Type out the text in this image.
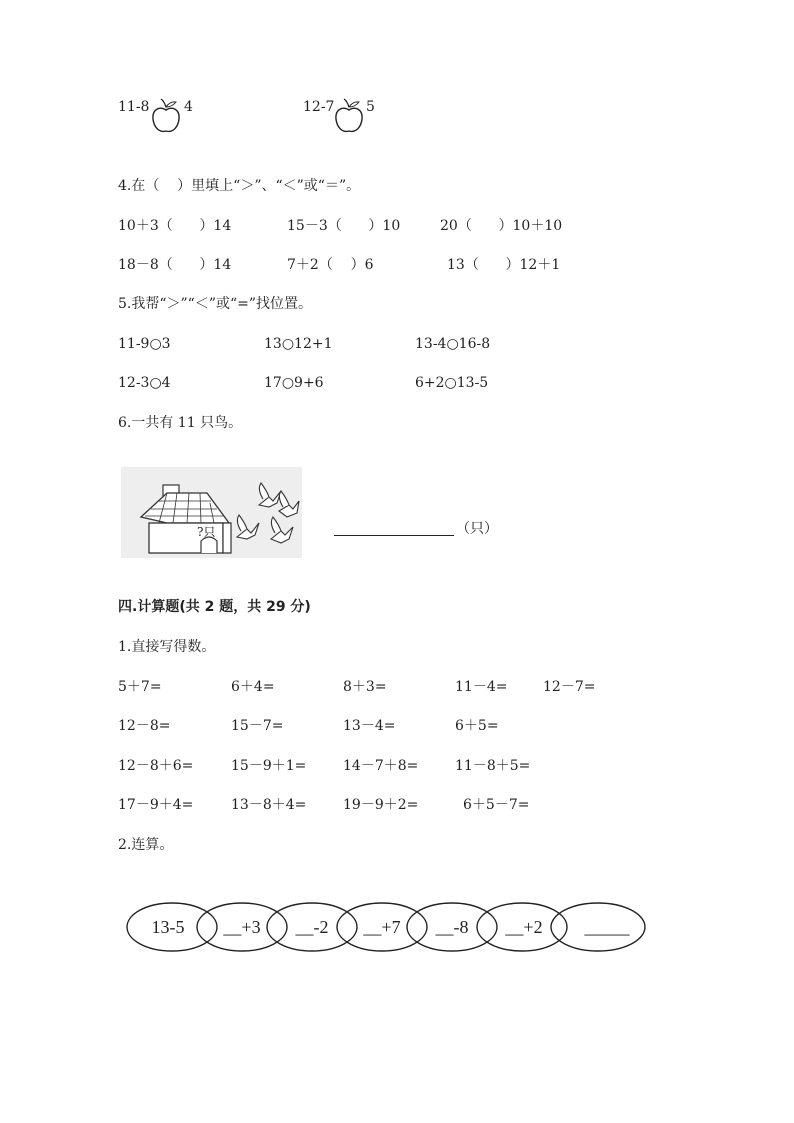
11-8 4	12-7 5
4.在（    ）里填上“＞”、“＜”或“＝”。
10＋3（      ）14	15－3（      ）10	20（      ）10＋10
18－8（      ）14	7＋2（    ）6	13（      ）12＋1
5.我帮“＞”“＜”或“=”找位置。
11-9○3	13○12+1	13-4○16-8
12-3○4	17○9+6	6+2○13-5
6.一共有 11 只鸟。
?只	（只）
四.计算题(共 2 题，共 29 分)
1.直接写得数。
5＋7=	6＋4=	8＋3=	11－4=	12－7=
12－8=	15－7=	13－4=	6＋5=
12－8＋6=	15－9＋1=	14－7＋8=	11－8＋5=
17－9＋4=	13－8＋4=	19－9＋2=	6＋5－7=
2.连算。
13-5 __+3 __-2 __+7 __-8 __+2 _____
